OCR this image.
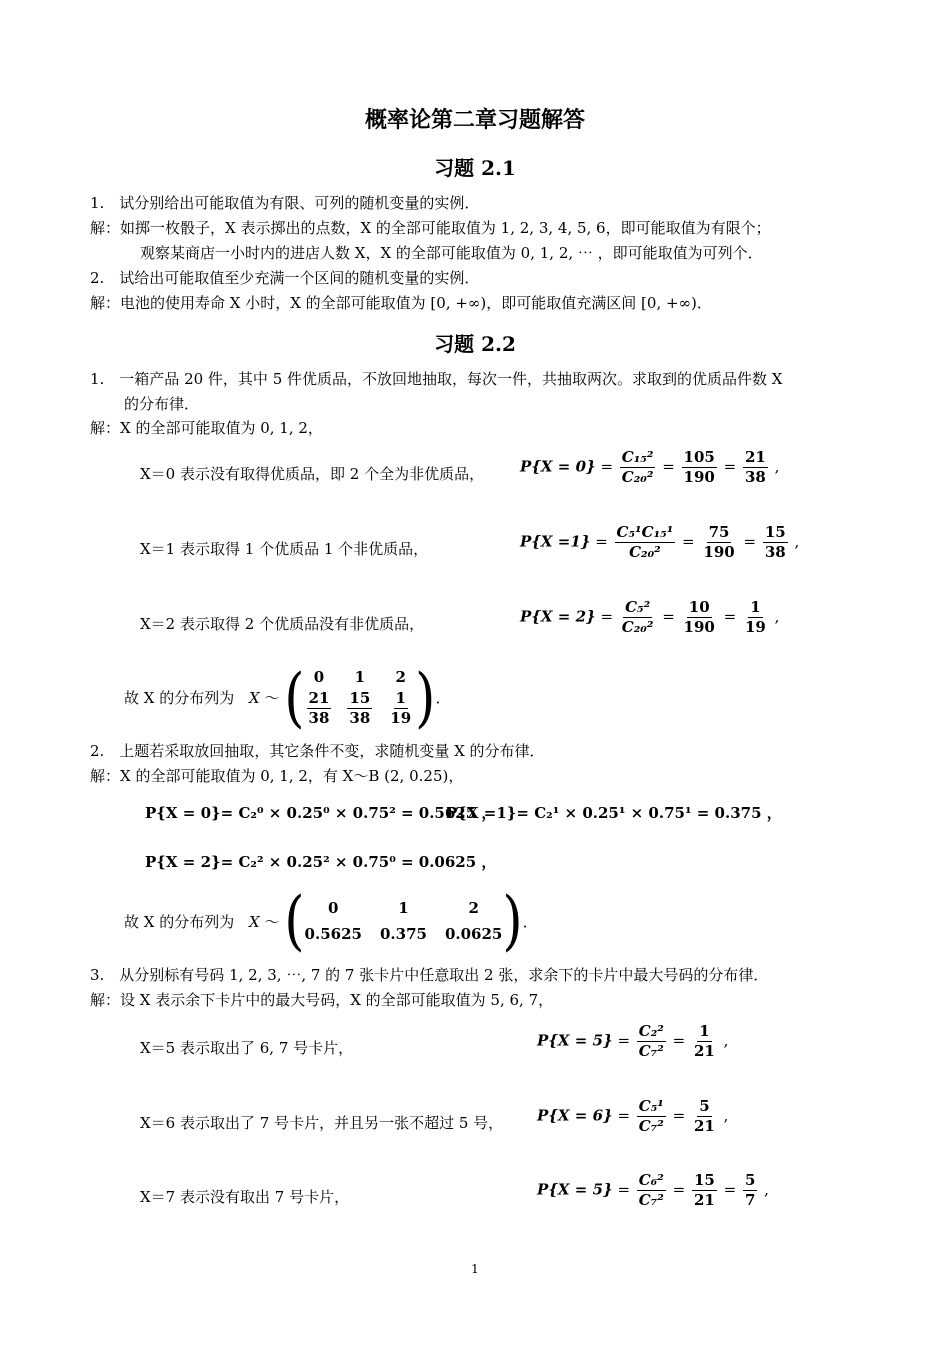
概率论第二章习题解答
习题 2.1
1.　试分别给出可能取值为有限、可列的随机变量的实例．
解：如掷一枚骰子，X 表示掷出的点数，X 的全部可能取值为 1, 2, 3, 4, 5, 6，即可能取值为有限个；
观察某商店一小时内的进店人数 X，X 的全部可能取值为 0, 1, 2, ⋯ ，即可能取值为可列个．
2.　试给出可能取值至少充满一个区间的随机变量的实例．
解：电池的使用寿命 X 小时，X 的全部可能取值为 [0, +∞)，即可能取值充满区间 [0, +∞)．
习题 2.2
1.　一箱产品 20 件，其中 5 件优质品，不放回地抽取，每次一件，共抽取两次。求取到的优质品件数 X
的分布律．
解：X 的全部可能取值为 0, 1, 2，
X＝0 表示没有取得优质品，即 2 个全为非优质品， $P\{X = 0\} = \frac{\text{C₁₅²}}{\text{C₂₀²}} = \frac{105}{190} = \frac{21}{38}$ ,
X＝1 表示取得 1 个优质品 1 个非优质品，	$P\{X =1\} = \frac{\text{C₅¹C₁₅¹}}{\text{C₂₀²}} = \frac{75}{190} = \frac{15}{38}$ ,
X＝2 表示取得 2 个优质品没有非优质品，	$P\{X = 2\} = \frac{\text{C₅²}}{\text{C₂₀²}} = \frac{10}{190} = \frac{1}{19}$ ,
故 X 的分布列为 X ～ ( 0	1	2
$\frac{21}{38} \frac{15}{38} \frac{1}{19}$ ) ．
2.　上题若采取放回抽取，其它条件不变，求随机变量 X 的分布律．
解：X 的全部可能取值为 0, 1, 2，有 X～B (2, 0.25)，
P{X = 0}= C₂⁰ × 0.25⁰ × 0.75² = 0.5625 ，
P{X =1}= C₂¹ × 0.25¹ × 0.75¹ = 0.375 ，
P{X = 2}= C₂² × 0.25² × 0.75⁰ = 0.0625 ，
故 X 的分布列为 X ～ (	0	1	2
0.5625 0.375 0.0625 ) ．
3.　从分别标有号码 1, 2, 3, ⋯, 7 的 7 张卡片中任意取出 2 张，求余下的卡片中最大号码的分布律．
解：设 X 表示余下卡片中的最大号码，X 的全部可能取值为 5, 6, 7，
X＝5 表示取出了 6, 7 号卡片，	$P\{X = 5\} = \frac{\text{C₂²}}{\text{C₇²}} = \frac{1}{21}$ ,
X＝6 表示取出了 7 号卡片，并且另一张不超过 5 号， $P\{X = 6\} = \frac{\text{C₅¹}}{\text{C₇²}} = \frac{5}{21}$ ,
X＝7 表示没有取出 7 号卡片，	$P\{X = 5\} = \frac{\text{C₆²}}{\text{C₇²}} = \frac{15}{21} = \frac{5}{7}$ ,
1
